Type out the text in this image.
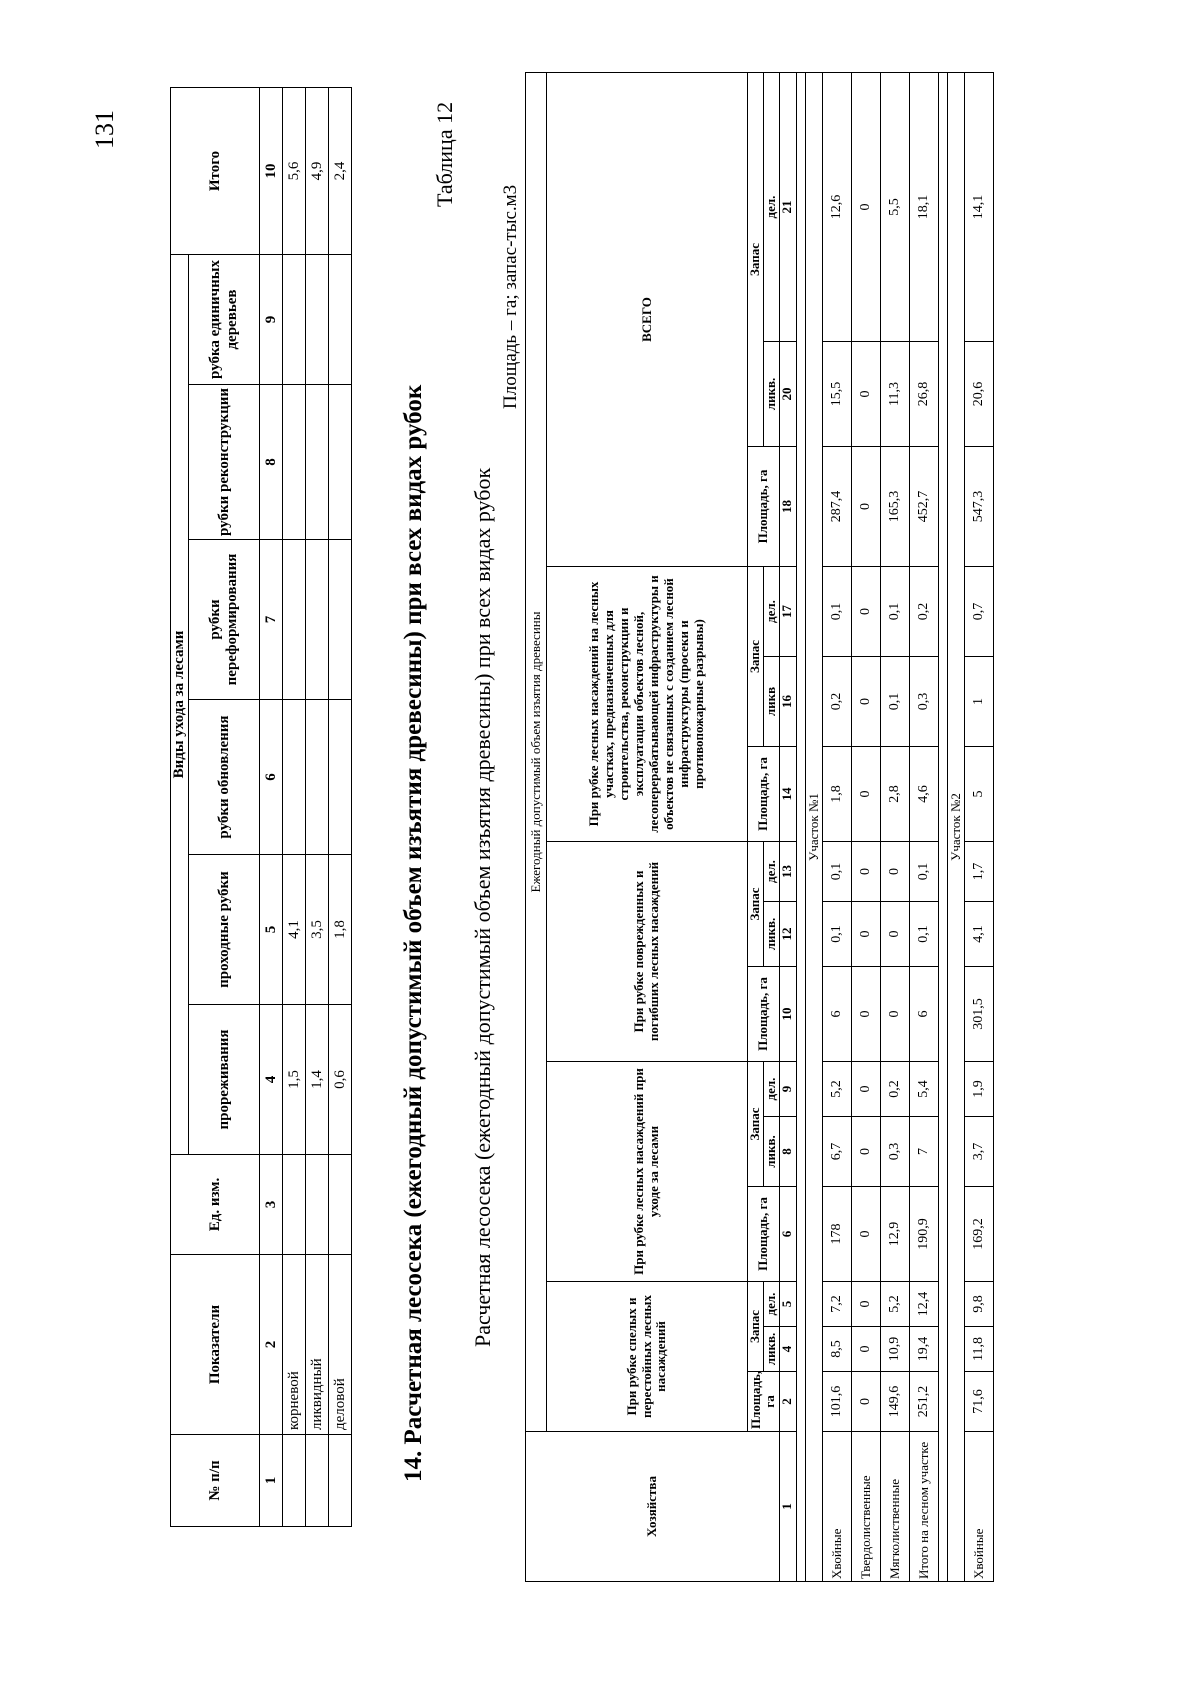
131
№ п/п	Показатели	Ед. изм.	Виды ухода за лесами						Итого
			прореживания	проходные рубки	рубки обновления	рубки переформирования	рубки реконструкции	рубка единичных деревьев	
1	2	3	4	5	6	7	8	9	10
	корневой		1,5	4,1					5,6
	ликвидный		1,4	3,5					4,9
	деловой		0,6	1,8					2,4
14. Расчетная лесосека (ежегодный допустимый объем изъятия древесины) при всех видах рубок
Таблица 12
Расчетная лесосека (ежегодный допустимый объем изъятия древесины) при всех видах рубок
Площадь – га; запас-тыс.м3
Хозяйства	Ежегодный допустимый объем изъятия древесины														
	При рубке спелых и перестойных лесных насаждений			При рубке лесных насаждений при уходе за лесами			При рубке поврежденных и погибших лесных насаждений			При рубке лесных насаждений на лесных участках, предназначенных для строительства, реконструкции и эксплуатации объектов лесной, лесоперерабатывающей инфраструктуры и объектов не связанных с созданием лесной инфраструктуры (просеки и противопожарные разрывы)			ВСЕГО		
	Площадь, га	Запас		Площадь, га	Запас		Площадь, га	Запас		Площадь, га	Запас		Площадь, га	Запас	
		ликв.	дел.		ликв.	дел.		ликв.	дел.		ликв	дел.		ликв.	дел.
1	2	4	5	6	8	9	10	12	13	14	16	17	18	20	21

Участок №1															
Хвойные	101,6	8,5	7,2	178	6,7	5,2	6	0,1	0,1	1,8	0,2	0,1	287,4	15,5	12,6
Твердолиственные	0	0	0	0	0	0	0	0	0	0	0	0	0	0	0
Мягколиственные	149,6	10,9	5,2	12,9	0,3	0,2	0	0	0	2,8	0,1	0,1	165,3	11,3	5,5
Итого на лесном участке	251,2	19,4	12,4	190,9	7	5,4	6	0,1	0,1	4,6	0,3	0,2	452,7	26,8	18,1

Участок №2															
Хвойные	71,6	11,8	9,8	169,2	3,7	1,9	301,5	4,1	1,7	5	1	0,7	547,3	20,6	14,1
